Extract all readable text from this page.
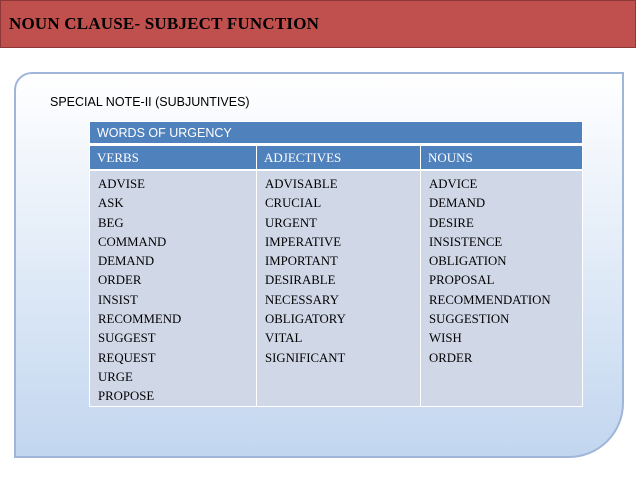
NOUN CLAUSE- SUBJECT FUNCTION
SPECIAL NOTE-II (SUBJUNTIVES)
WORDS OF URGENCY
VERBS	ADJECTIVES	NOUNS
ADVISE
ASK
BEG
COMMAND
DEMAND
ORDER
INSIST
RECOMMEND
SUGGEST
REQUEST
URGE
PROPOSE
ADVISABLE
CRUCIAL
URGENT
IMPERATIVE
IMPORTANT
DESIRABLE
NECESSARY
OBLIGATORY
VITAL
SIGNIFICANT
ADVICE
DEMAND
DESIRE
INSISTENCE
OBLIGATION
PROPOSAL
RECOMMENDATION
SUGGESTION
WISH
ORDER
